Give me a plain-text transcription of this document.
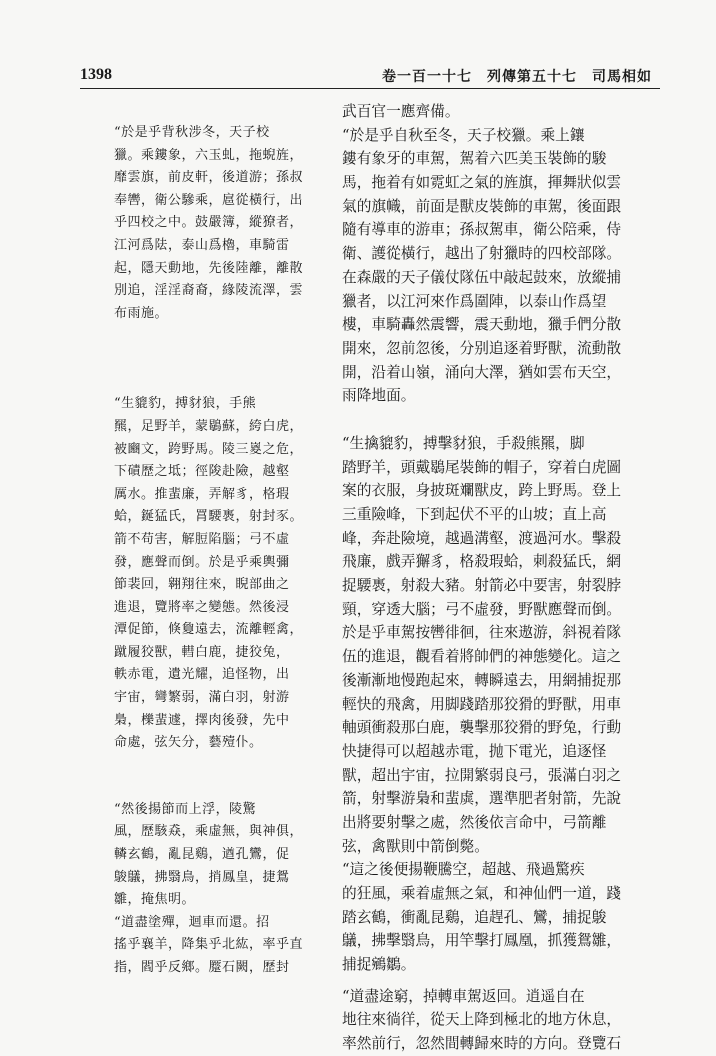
1398	卷一百一十七　列傳第五十七　司馬相如
“於是乎背秋涉冬，天子校
獵。乘鏤象，六玉虬，拖蜺旌，
靡雲旗，前皮軒，後道游；孫叔
奉轡，衛公驂乘，扈從橫行，出
乎四校之中。鼓嚴簿，縱獠者，
江河爲阹，泰山爲櫓，車騎雷
起，隱天動地，先後陸離，離散
別追，淫淫裔裔，緣陵流澤，雲
布雨施。
“生貔豹，搏豺狼，手熊
羆，足野羊，蒙鶡蘇，絝白虎，
被豳文，跨野馬。陵三嵏之危，
下磧歷之坻；徑陖赴險，越壑
厲水。推蜚廉，弄解豸，格瑕
蛤，鋋猛氏，罥騕褭，射封豕。
箭不苟害，解脰陷腦；弓不虛
發，應聲而倒。於是乎乘輿彌
節裴回，翱翔往來，睨部曲之
進退，覽將率之變態。然後浸
潭促節，倏敻遠去，流離輕禽，
蹴履狡獸，轊白鹿，捷狡兔，
軼赤電，遺光耀，追怪物，出
宇宙，彎繁弱，滿白羽，射游
梟，櫟蜚遽，擇肉後發，先中
命處，弦矢分，藝殪仆。
“然後揚節而上浮，陵驚
風，歷駭猋，乘虛無，與神俱，
轔玄鶴，亂昆鷄，遒孔鸞，促
鵔鸃，拂翳鳥，捎鳳皇，捷鴛
雛，掩焦明。
“道盡塗殫，迴車而還。招
搖乎襄羊，降集乎北紘，率乎直
指，閻乎反鄉。蹷石闕，歷封
武百官一應齊備。
“於是乎自秋至冬，天子校獵。乘上鑲
鏤有象牙的車駕，駕着六匹美玉裝飾的駿
馬，拖着有如霓虹之氣的旌旗，揮舞狀似雲
氣的旗幟，前面是獸皮裝飾的車駕，後面跟
隨有導車的游車；孫叔駕車，衛公陪乘，侍
衛、護從橫行，越出了射獵時的四校部隊。
在森嚴的天子儀仗隊伍中敲起鼓來，放縱捕
獵者，以江河來作爲圍陣，以泰山作爲望
樓，車騎轟然震響，震天動地，獵手們分散
開來，忽前忽後，分别追逐着野獸，流動散
開，沿着山嶺，涌向大澤，猶如雲布天空，
雨降地面。
“生擒貔豹，搏擊豺狼，手殺熊羆，脚
踏野羊，頭戴鶡尾裝飾的帽子，穿着白虎圖
案的衣服，身披斑斕獸皮，跨上野馬。登上
三重險峰，下到起伏不平的山坡；直上高
峰，奔赴險境，越過溝壑，渡過河水。擊殺
飛廉，戲弄獬豸，格殺瑕蛤，刺殺猛氏，網
捉騕褭，射殺大豬。射箭必中要害，射裂脖
頸，穿透大腦；弓不虛發，野獸應聲而倒。
於是乎車駕按轡徘徊，往來遨游，斜視着隊
伍的進退，觀看着將帥們的神態變化。這之
後漸漸地慢跑起來，轉瞬遠去，用網捕捉那
輕快的飛禽，用脚踐踏那狡猾的野獸，用車
軸頭衝殺那白鹿，襲擊那狡猾的野兔，行動
快捷得可以超越赤電，抛下電光，追逐怪
獸，超出宇宙，拉開繁弱良弓，張滿白羽之
箭，射擊游梟和蜚虡，選準肥者射箭，先說
出將要射擊之處，然後依言命中，弓箭離
弦，禽獸則中箭倒斃。
“這之後便揚鞭騰空，超越、飛過驚疾
的狂風，乘着虛無之氣，和神仙們一道，踐
踏玄鶴，衝亂昆鷄，追趕孔、鸞，捕捉鵔
鸃，拂擊翳鳥，用竿擊打鳳凰，抓獲鴛雛，
捕捉鵷鶵。
“道盡途窮，掉轉車駕返回。逍遥自在
地往來徜徉，從天上降到極北的地方休息，
率然前行，忽然間轉歸來時的方向。登覽石
